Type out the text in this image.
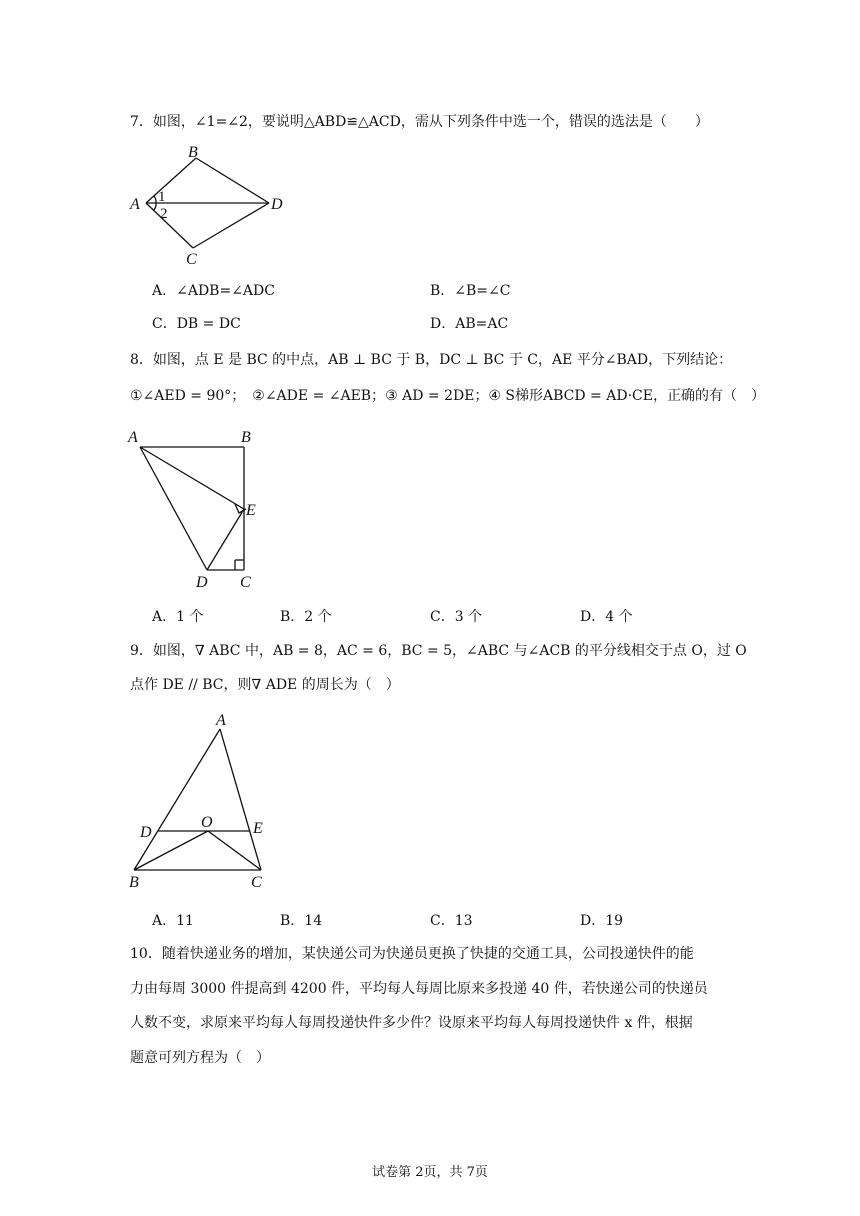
7．如图，∠1=∠2，要说明△ABD≌△ACD，需从下列条件中选一个，错误的选法是（　　）
A
B
C
D
1
2
A．∠ADB=∠ADC	B．∠B=∠C
C．DB = DC	D．AB=AC
8．如图，点 E 是 BC 的中点，AB ⊥ BC 于 B，DC ⊥ BC 于 C，AE 平分∠BAD，下列结论：
①∠AED = 90°；　②∠ADE = ∠AEB；③ AD = 2DE；④ S梯形ABCD = AD·CE，正确的有（　）
A	B
E
D C
A．1 个	B．2 个	C．3 个	D．4 个
9．如图，∇ ABC 中，AB = 8，AC = 6，BC = 5，∠ABC 与∠ACB 的平分线相交于点 O，过 O
点作 DE // BC，则∇ ADE 的周长为（　）
A
D
O	E
B	C
A．11	B．14	C．13	D．19
10．随着快递业务的增加，某快递公司为快递员更换了快捷的交通工具，公司投递快件的能
力由每周 3000 件提高到 4200 件，平均每人每周比原来多投递 40 件，若快递公司的快递员
人数不变，求原来平均每人每周投递快件多少件？设原来平均每人每周投递快件 x 件，根据
题意可列方程为（　）
试卷第 2页，共 7页
